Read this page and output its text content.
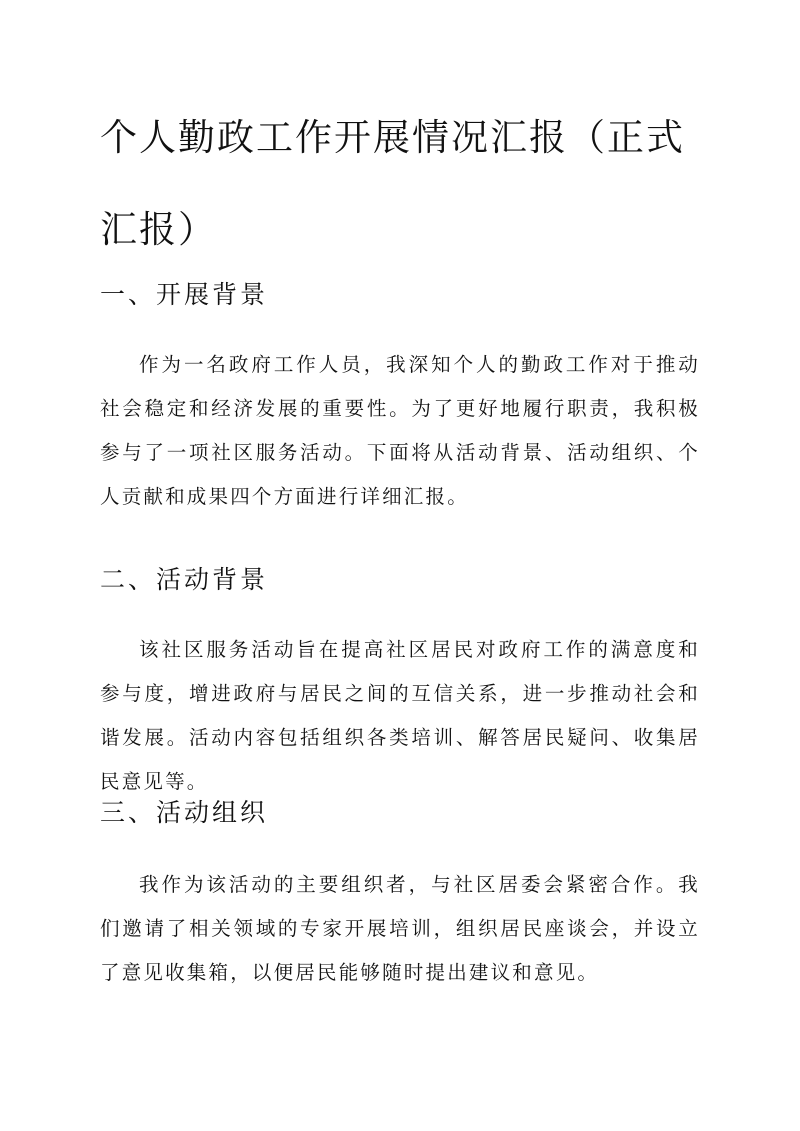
个人勤政工作开展情况汇报（正式汇报）
一、开展背景

作为一名政府工作人员，我深知个人的勤政工作对于推动社会稳定和经济发展的重要性。为了更好地履行职责，我积极参与了一项社区服务活动。下面将从活动背景、活动组织、个人贡献和成果四个方面进行详细汇报。

二、活动背景

该社区服务活动旨在提高社区居民对政府工作的满意度和参与度，增进政府与居民之间的互信关系，进一步推动社会和谐发展。活动内容包括组织各类培训、解答居民疑问、收集居民意见等。

三、活动组织

我作为该活动的主要组织者，与社区居委会紧密合作。我们邀请了相关领域的专家开展培训，组织居民座谈会，并设立了意见收集箱，以便居民能够随时提出建议和意见。
